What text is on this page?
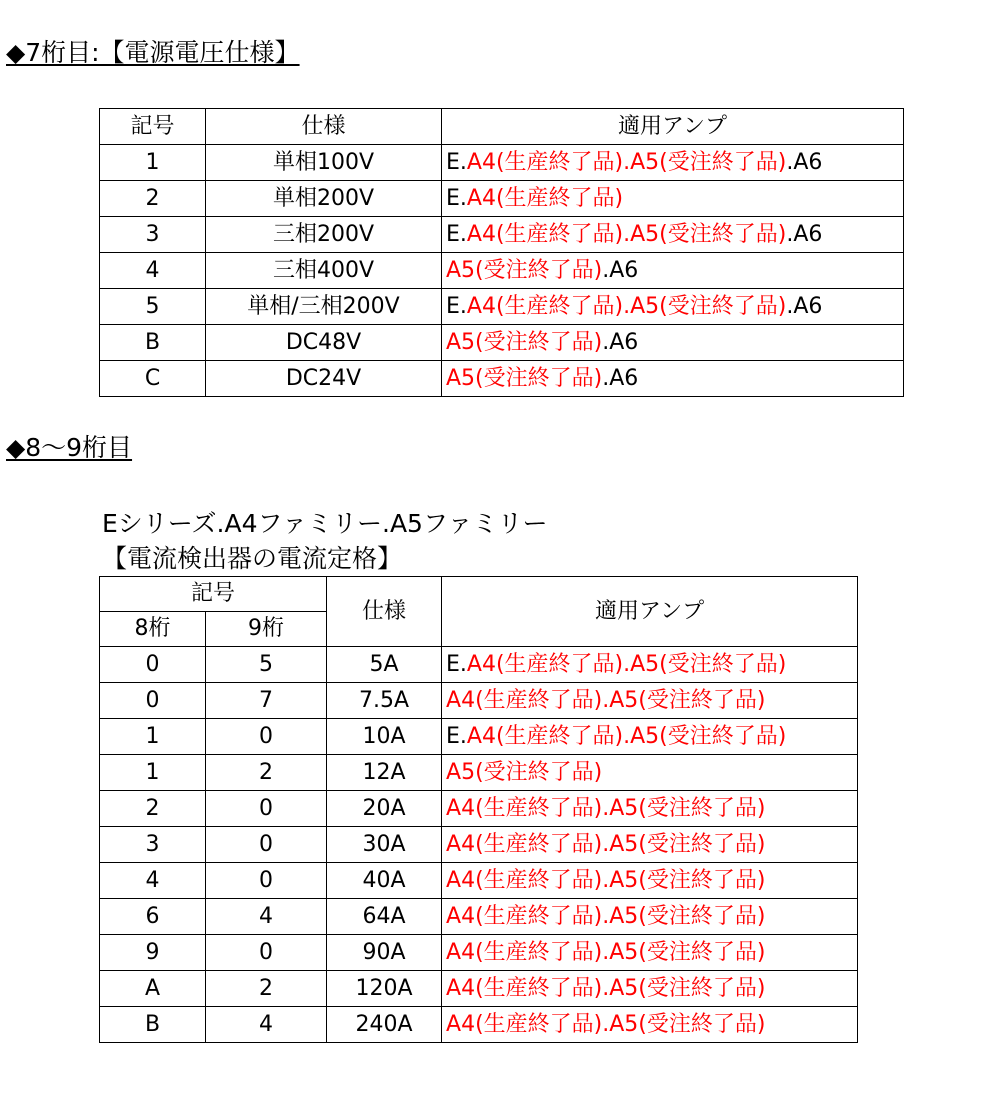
◆7桁目:【電源電圧仕様】
記号	仕様	適用アンプ
1	単相100V	E.A4(生産終了品).A5(受注終了品).A6
2	単相200V	E.A4(生産終了品)
3	三相200V	E.A4(生産終了品).A5(受注終了品).A6
4	三相400V	A5(受注終了品).A6
5	単相/三相200V	E.A4(生産終了品).A5(受注終了品).A6
B	DC48V	A5(受注終了品).A6
C	DC24V	A5(受注終了品).A6
◆8～9桁目
Eシリーズ.A4ファミリー.A5ファミリー
【電流検出器の電流定格】
記号		仕様	適用アンプ
8桁	9桁		
0	5	5A	E.A4(生産終了品).A5(受注終了品)
0	7	7.5A	A4(生産終了品).A5(受注終了品)
1	0	10A	E.A4(生産終了品).A5(受注終了品)
1	2	12A	A5(受注終了品)
2	0	20A	A4(生産終了品).A5(受注終了品)
3	0	30A	A4(生産終了品).A5(受注終了品)
4	0	40A	A4(生産終了品).A5(受注終了品)
6	4	64A	A4(生産終了品).A5(受注終了品)
9	0	90A	A4(生産終了品).A5(受注終了品)
A	2	120A	A4(生産終了品).A5(受注終了品)
B	4	240A	A4(生産終了品).A5(受注終了品)
